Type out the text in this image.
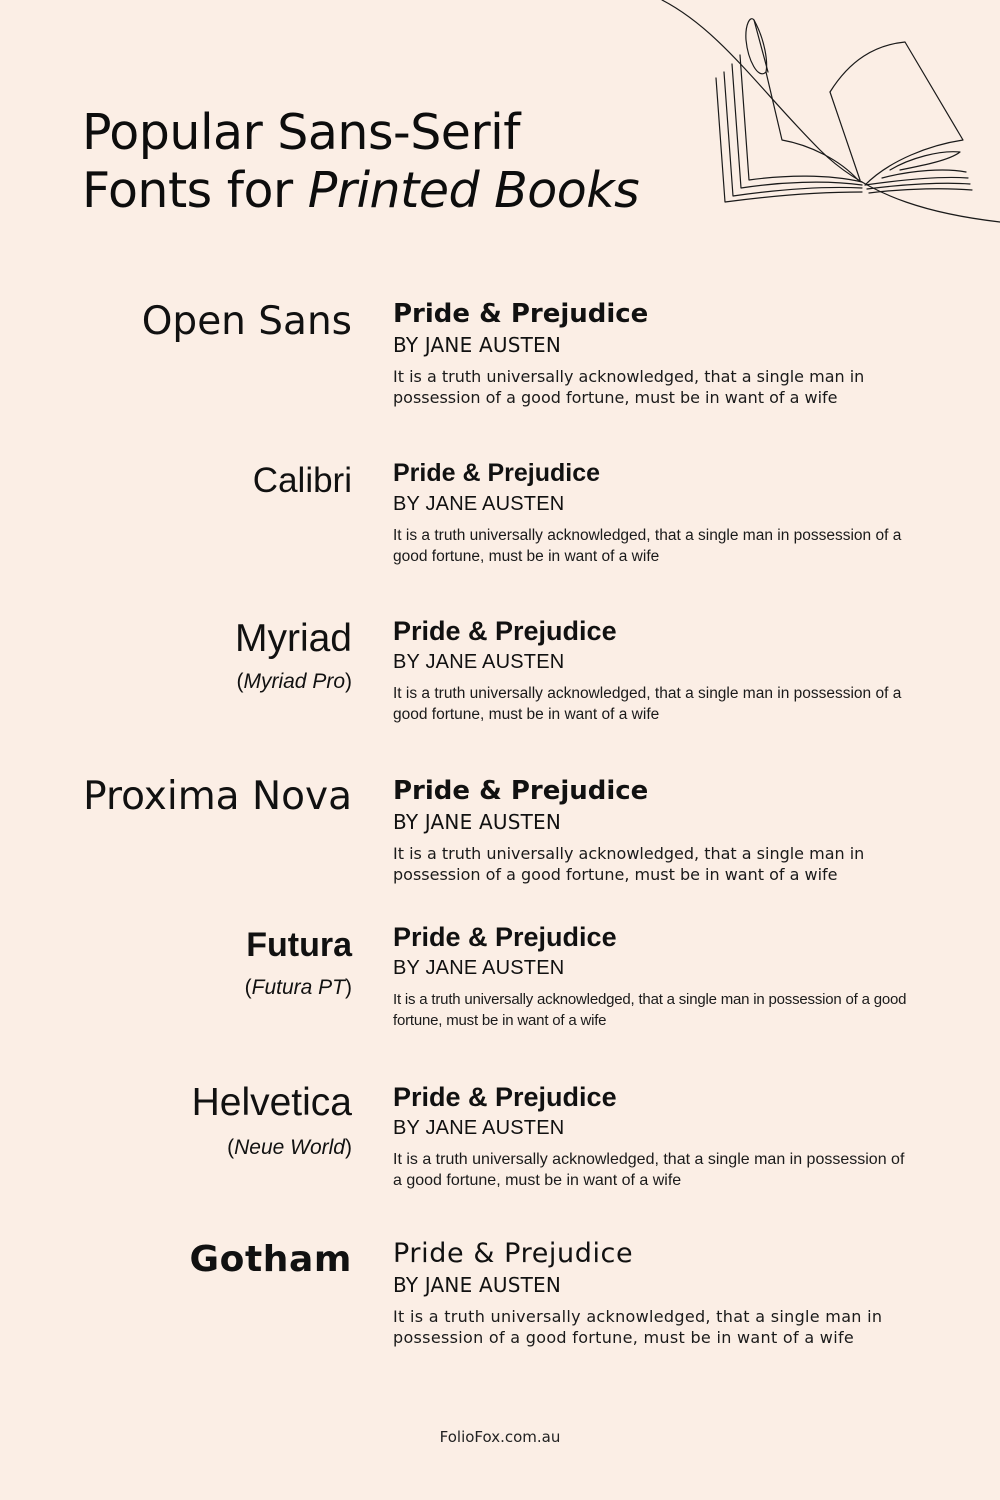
Popular Sans-Serif
Fonts for Printed Books
Open Sans Pride & Prejudice
BY JANE AUSTEN
It is a truth universally acknowledged, that a single man in possession of a good fortune, must be in want of a wife
Calibri Pride & Prejudice
BY JANE AUSTEN
It is a truth universally acknowledged, that a single man in possession of a good fortune, must be in want of a wife
Myriad
(Myriad Pro)
Pride & Prejudice
BY JANE AUSTEN
It is a truth universally acknowledged, that a single man in possession of a good fortune, must be in want of a wife
Proxima Nova Pride & Prejudice
BY JANE AUSTEN
It is a truth universally acknowledged, that a single man in possession of a good fortune, must be in want of a wife
Futura
(Futura PT)
Pride & Prejudice
BY JANE AUSTEN
It is a truth universally acknowledged, that a single man in possession of a good fortune, must be in want of a wife
Helvetica
(Neue World)
Pride & Prejudice
BY JANE AUSTEN
It is a truth universally acknowledged, that a single man in possession of a good fortune, must be in want of a wife
Gotham Pride & Prejudice
BY JANE AUSTEN
It is a truth universally acknowledged, that a single man in possession of a good fortune, must be in want of a wife
FolioFox.com.au
